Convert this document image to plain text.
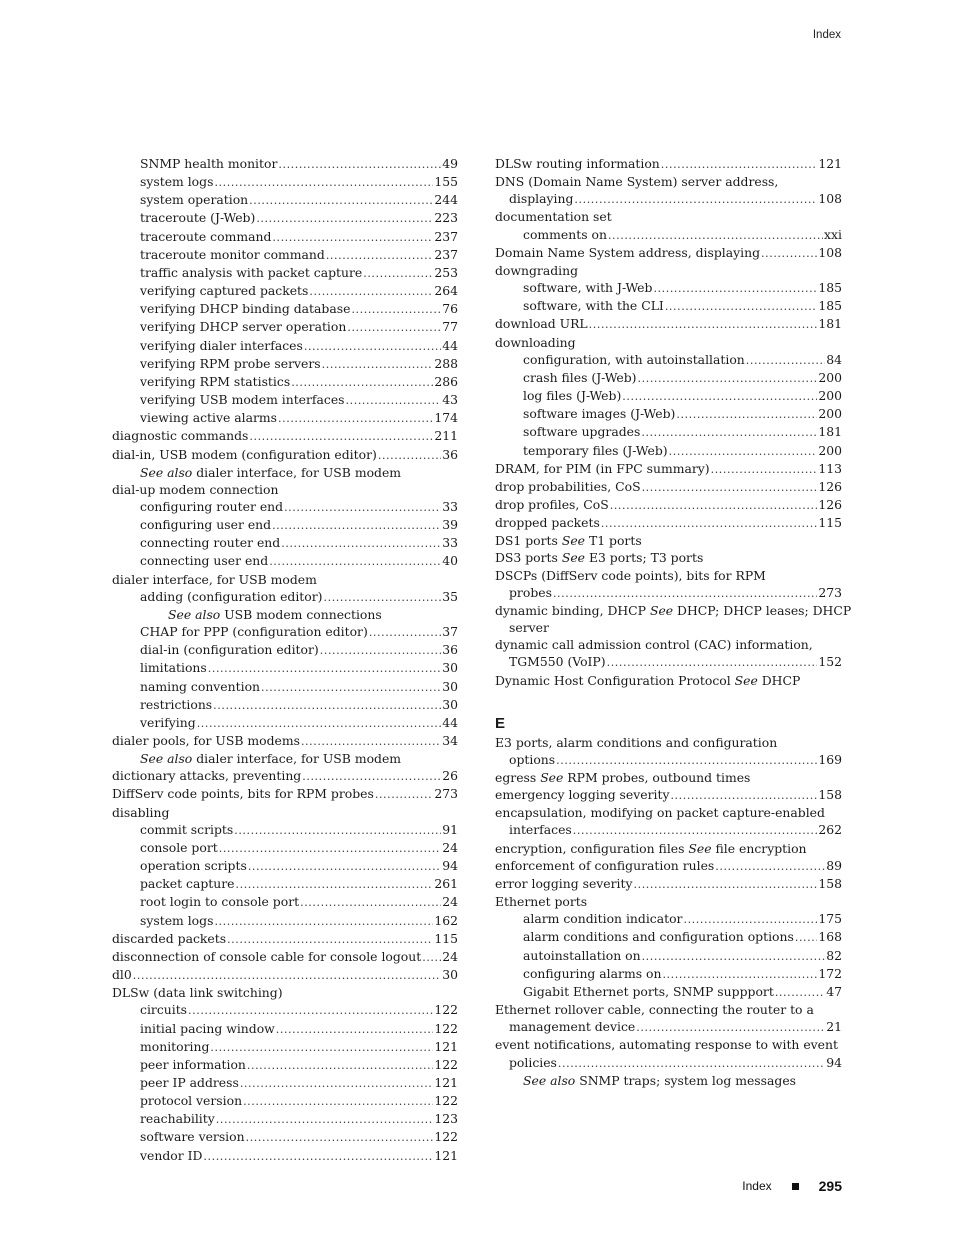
Index
SNMP health monitor .....	49
system logs .....	155
system operation .....	244
traceroute (J-Web) .....	223
traceroute command .....	237
traceroute monitor command .....	237
traffic analysis with packet capture .....	253
verifying captured packets .....	264
verifying DHCP binding database .....	76
verifying DHCP server operation .....	77
verifying dialer interfaces .....	44
verifying RPM probe servers .....	288
verifying RPM statistics .....	286
verifying USB modem interfaces .....	43
viewing active alarms .....	174
diagnostic commands .....	211
dial-in, USB modem (configuration editor) .....	36
See also dialer interface, for USB modem
dial-up modem connection
configuring router end .....	33
configuring user end .....	39
connecting router end .....	33
connecting user end .....	40
dialer interface, for USB modem
adding (configuration editor) .....	35
See also USB modem connections
CHAP for PPP (configuration editor) .....	37
dial-in (configuration editor) .....	36
limitations .....	30
naming convention .....	30
restrictions .....	30
verifying .....	44
dialer pools, for USB modems .....	34
See also dialer interface, for USB modem
dictionary attacks, preventing .....	26
DiffServ code points, bits for RPM probes .....	273
disabling
commit scripts .....	91
console port .....	24
operation scripts .....	94
packet capture .....	261
root login to console port .....	24
system logs .....	162
discarded packets .....	115
disconnection of console cable for console logout ..... 24
dl0 .....	30
DLSw (data link switching)
circuits .....	122
initial pacing window .....	122
monitoring .....	121
peer information .....	122
peer IP address .....	121
protocol version .....	122
reachability .....	123
software version .....	122
vendor ID .....	121
DLSw routing information .....	121
DNS (Domain Name System) server address,
displaying .....	108
documentation set
comments on .....	xxi
Domain Name System address, displaying .....	108
downgrading
software, with J-Web .....	185
software, with the CLI .....	185
download URL .....	181
downloading
configuration, with autoinstallation .....	84
crash files (J-Web) .....	200
log files (J-Web) .....	200
software images (J-Web) .....	200
software upgrades .....	181
temporary files (J-Web) .....	200
DRAM, for PIM (in FPC summary) .....	113
drop probabilities, CoS .....	126
drop profiles, CoS .....	126
dropped packets .....	115
DS1 ports See T1 ports
DS3 ports See E3 ports; T3 ports
DSCPs (DiffServ code points), bits for RPM
probes .....	273
dynamic binding, DHCP See DHCP; DHCP leases; DHCP
server
dynamic call admission control (CAC) information,
TGM550 (VoIP) .....	152
Dynamic Host Configuration Protocol See DHCP
E
E3 ports, alarm conditions and configuration
options .....	169
egress See RPM probes, outbound times
emergency logging severity .....	158
encapsulation, modifying on packet capture-enabled
interfaces .....	262
encryption, configuration files See file encryption
enforcement of configuration rules .....	89
error logging severity .....	158
Ethernet ports
alarm condition indicator .....	175
alarm conditions and configuration options ..... 168
autoinstallation on .....	82
configuring alarms on .....	172
Gigabit Ethernet ports, SNMP suppport .....	47
Ethernet rollover cable, connecting the router to a
management device .....	21
event notifications, automating response to with event
policies .....	94
See also SNMP traps; system log messages
Index	295
